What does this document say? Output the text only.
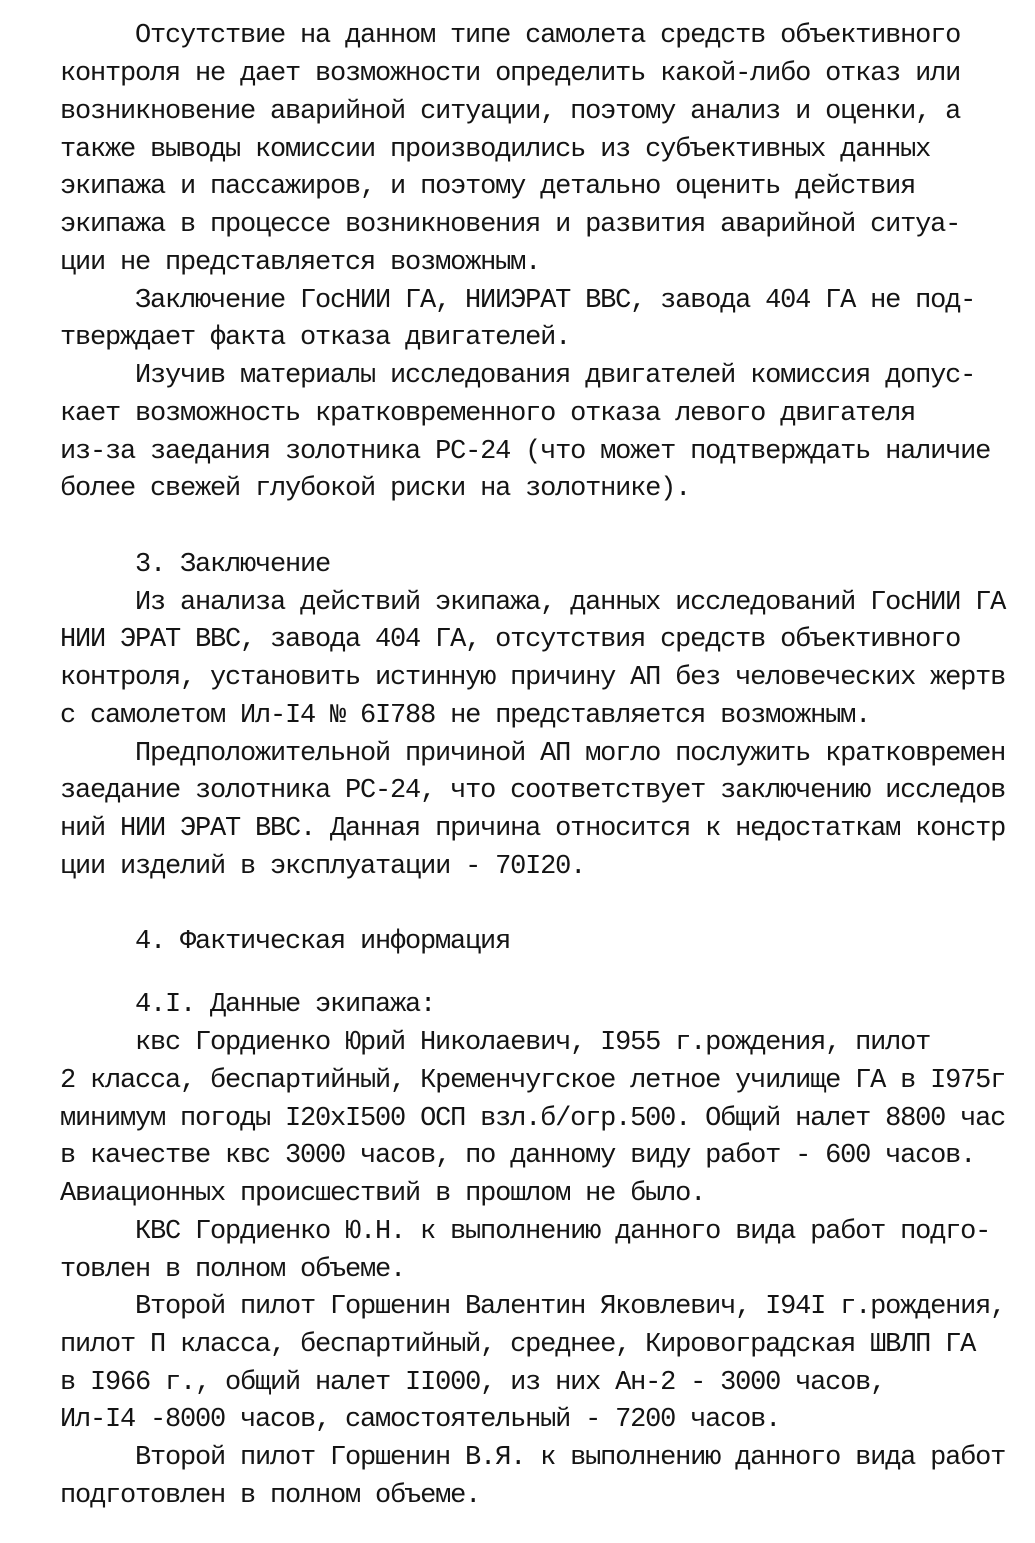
Отсутствие на данном типе самолета средств объективного
контроля не дает возможности определить какой-либо отказ или
возникновение аварийной ситуации, поэтому анализ и оценки, а
также выводы комиссии производились из субъективных данных
экипажа и пассажиров, и поэтому детально оценить действия
экипажа в процессе возникновения и развития аварийной ситуа-
ции не представляется возможным.
Заключение ГосНИИ ГА, НИИЭРАТ ВВС, завода 404 ГА не под-
тверждает факта отказа двигателей.
Изучив материалы исследования двигателей комиссия допус-
кает возможность кратковременного отказа левого двигателя
из-за заедания золотника РС-24 (что может подтверждать наличие
более свежей глубокой риски на золотнике).
3. Заключение
Из анализа действий экипажа, данных исследований ГосНИИ ГА
НИИ ЭРАТ ВВС, завода 404 ГА, отсутствия средств объективного
контроля, установить истинную причину АП без человеческих жертв
с самолетом Ил-I4 № 6I788 не представляется возможным.
Предположительной причиной АП могло послужить кратковремен
заедание золотника РС-24, что соответствует заключению исследов
ний НИИ ЭРАТ ВВС. Данная причина относится к недостаткам констр
ции изделий в эксплуатации - 70I20.
4. Фактическая информация
4.I. Данные экипажа:
квс Гордиенко Юрий Николаевич, I955 г.рождения, пилот
2 класса, беспартийный, Кременчугское летное училище ГА в I975г
минимум погоды I20xI500 ОСП взл.б/огр.500. Общий налет 8800 час
в качестве квс 3000 часов, по данному виду работ - 600 часов.
Авиационных происшествий в прошлом не было.
КВС Гордиенко Ю.Н. к выполнению данного вида работ подго-
товлен в полном объеме.
Второй пилот Горшенин Валентин Яковлевич, I94I г.рождения,
пилот П класса, беспартийный, среднее, Кировоградская ШВЛП ГА
в I966 г., общий налет II000, из них Ан-2 - 3000 часов,
Ил-I4 -8000 часов, самостоятельный - 7200 часов.
Второй пилот Горшенин В.Я. к выполнению данного вида работ
подготовлен в полном объеме.
